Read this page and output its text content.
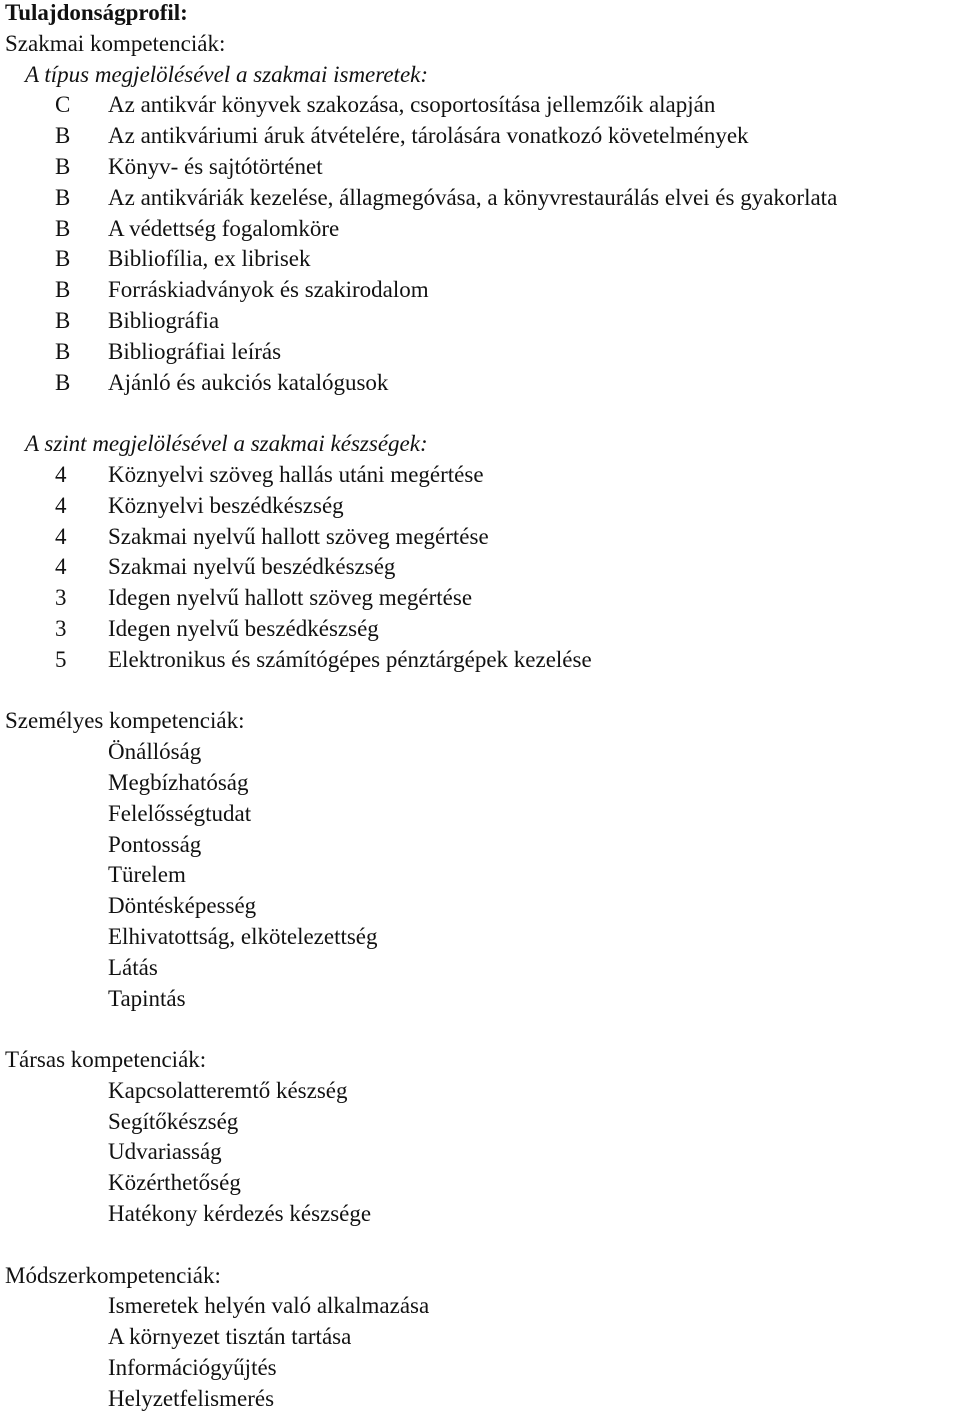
Tulajdonságprofil:
Szakmai kompetenciák:
A típus megjelölésével a szakmai ismeretek:
C	Az antikvár könyvek szakozása, csoportosítása jellemzőik alapján
B	Az antikváriumi áruk átvételére, tárolására vonatkozó követelmények
B	Könyv- és sajtótörténet
B	Az antikváriák kezelése, állagmegóvása, a könyvrestaurálás elvei és gyakorlata
B	A védettség fogalomköre
B	Bibliofília, ex librisek
B	Forráskiadványok és szakirodalom
B	Bibliográfia
B	Bibliográfiai leírás
B	Ajánló és aukciós katalógusok
A szint megjelölésével a szakmai készségek:
4	Köznyelvi szöveg hallás utáni megértése
4	Köznyelvi beszédkészség
4	Szakmai nyelvű hallott szöveg megértése
4	Szakmai nyelvű beszédkészség
3	Idegen nyelvű hallott szöveg megértése
3	Idegen nyelvű beszédkészség
5	Elektronikus és számítógépes pénztárgépek kezelése
Személyes kompetenciák:
Önállóság
Megbízhatóság
Felelősségtudat
Pontosság
Türelem
Döntésképesség
Elhivatottság, elkötelezettség
Látás
Tapintás
Társas kompetenciák:
Kapcsolatteremtő készség
Segítőkészség
Udvariasság
Közérthetőség
Hatékony kérdezés készsége
Módszerkompetenciák:
Ismeretek helyén való alkalmazása
A környezet tisztán tartása
Információgyűjtés
Helyzetfelismerés
